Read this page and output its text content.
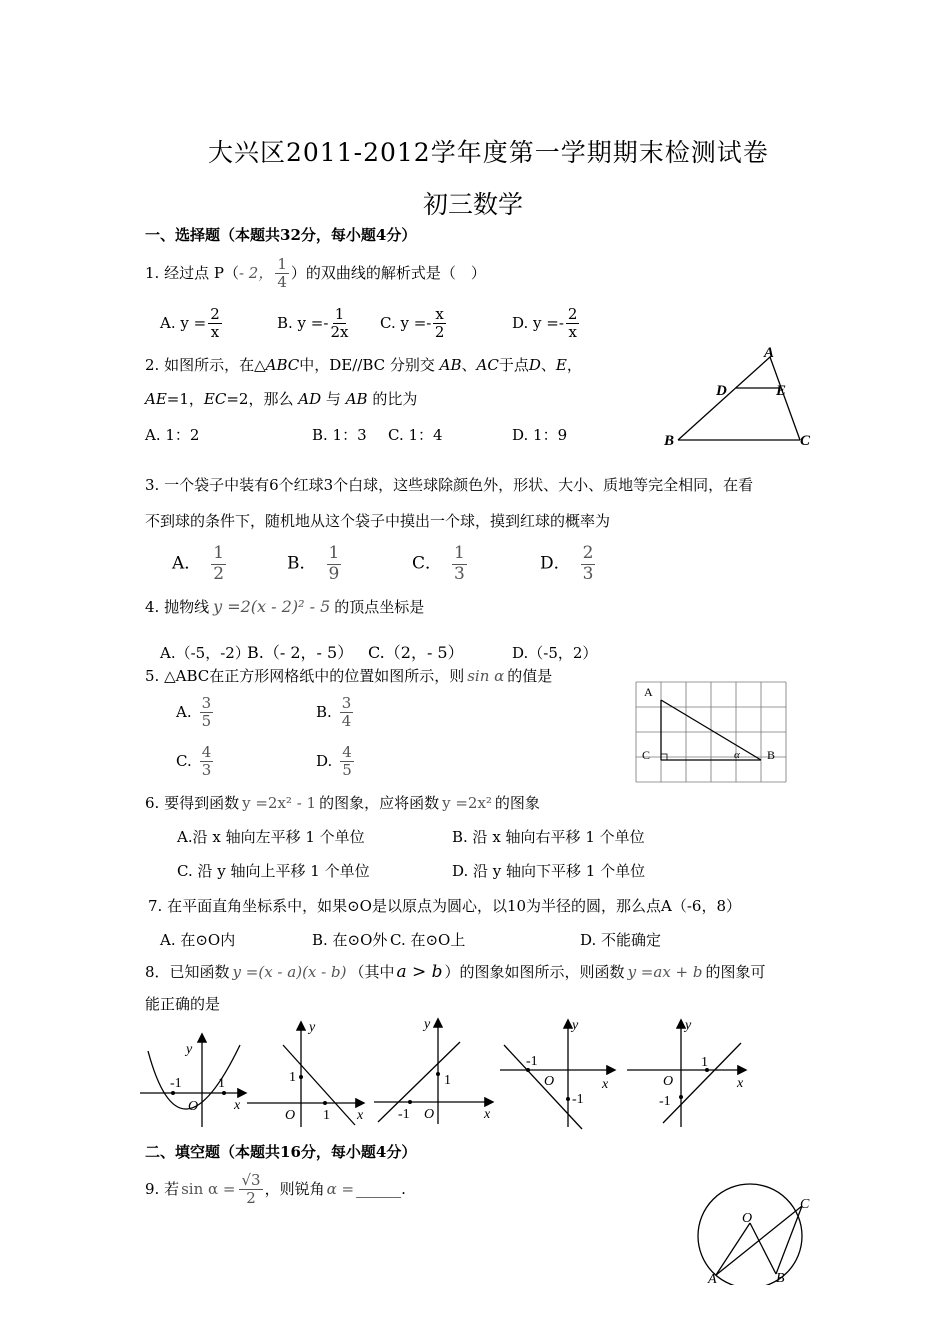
大兴区2011-2012学年度第一学期期末检测试卷
初三数学
一、选择题（本题共32分，每小题4分）
1. 经过点 P（- 2， $\frac{1}{4}$ ）的双曲线的解析式是（　）
A. $y = \frac{2}{x}$	B. $y =- \frac{1}{2x} C$. $y =- \frac{x}{2}$	D. $y =- \frac{2}{x}$
2. 如图所示，在△ABC中，DE//BC 分别交 AB、AC于点D、E，
AE=1，EC=2，那么 AD 与 AB 的比为
A. 1：2	B. 1：3 C. 1：4	D. 1：9
A
D	E
B	C
3. 一个袋子中装有6个红球3个白球，这些球除颜色外，形状、大小、质地等完全相同，在看
不到球的条件下，随机地从这个袋子中摸出一个球，摸到红球的概率为
A． $\frac{1}{2}$	B． $\frac{1}{9}$	C． $\frac{1}{3}$	D． $\frac{2}{3}$
4. 抛物线 y =2(x - 2)² - 5 的顶点坐标是
A.（-5，-2）
B.（- 2，- 5） C.（2，- 5）	D.（-5，2）
5. △ABC在正方形网格纸中的位置如图所示，则 sin α 的值是
A. $\frac{3}{5}$	B. $\frac{3}{4}$
C. $\frac{4}{3}$	D. $\frac{4}{5}$
A
C	B
α
6. 要得到函数 y =2x² - 1 的图象，应将函数 y =2x² 的图象
A.沿 x 轴向左平移 1 个单位	B. 沿 x 轴向右平移 1 个单位
C. 沿 y 轴向上平移 1 个单位	D. 沿 y 轴向下平移 1 个单位
7. 在平面直角坐标系中，如果⊙O是以原点为圆心，以10为半径的圆，那么点A（-6，8）
A. 在⊙O内	B. 在⊙O外 C. 在⊙O上	D. 不能确定
8．已知函数 y =(x - a)(x - b) （其中 a > b ）的图象如图所示，则函数 y =ax + b 的图象可
能正确的是
y
x
O
-1	1
y
x
O
1
1
y
x
O
-1
1
y
x
O
-1
-1
y
x
O
-1
1
二、填空题（本题共16分，每小题4分）
9. 若 $\sin \alpha = \frac{√3}{2}$ ，则锐角 α = ______.
O
A	B
C
